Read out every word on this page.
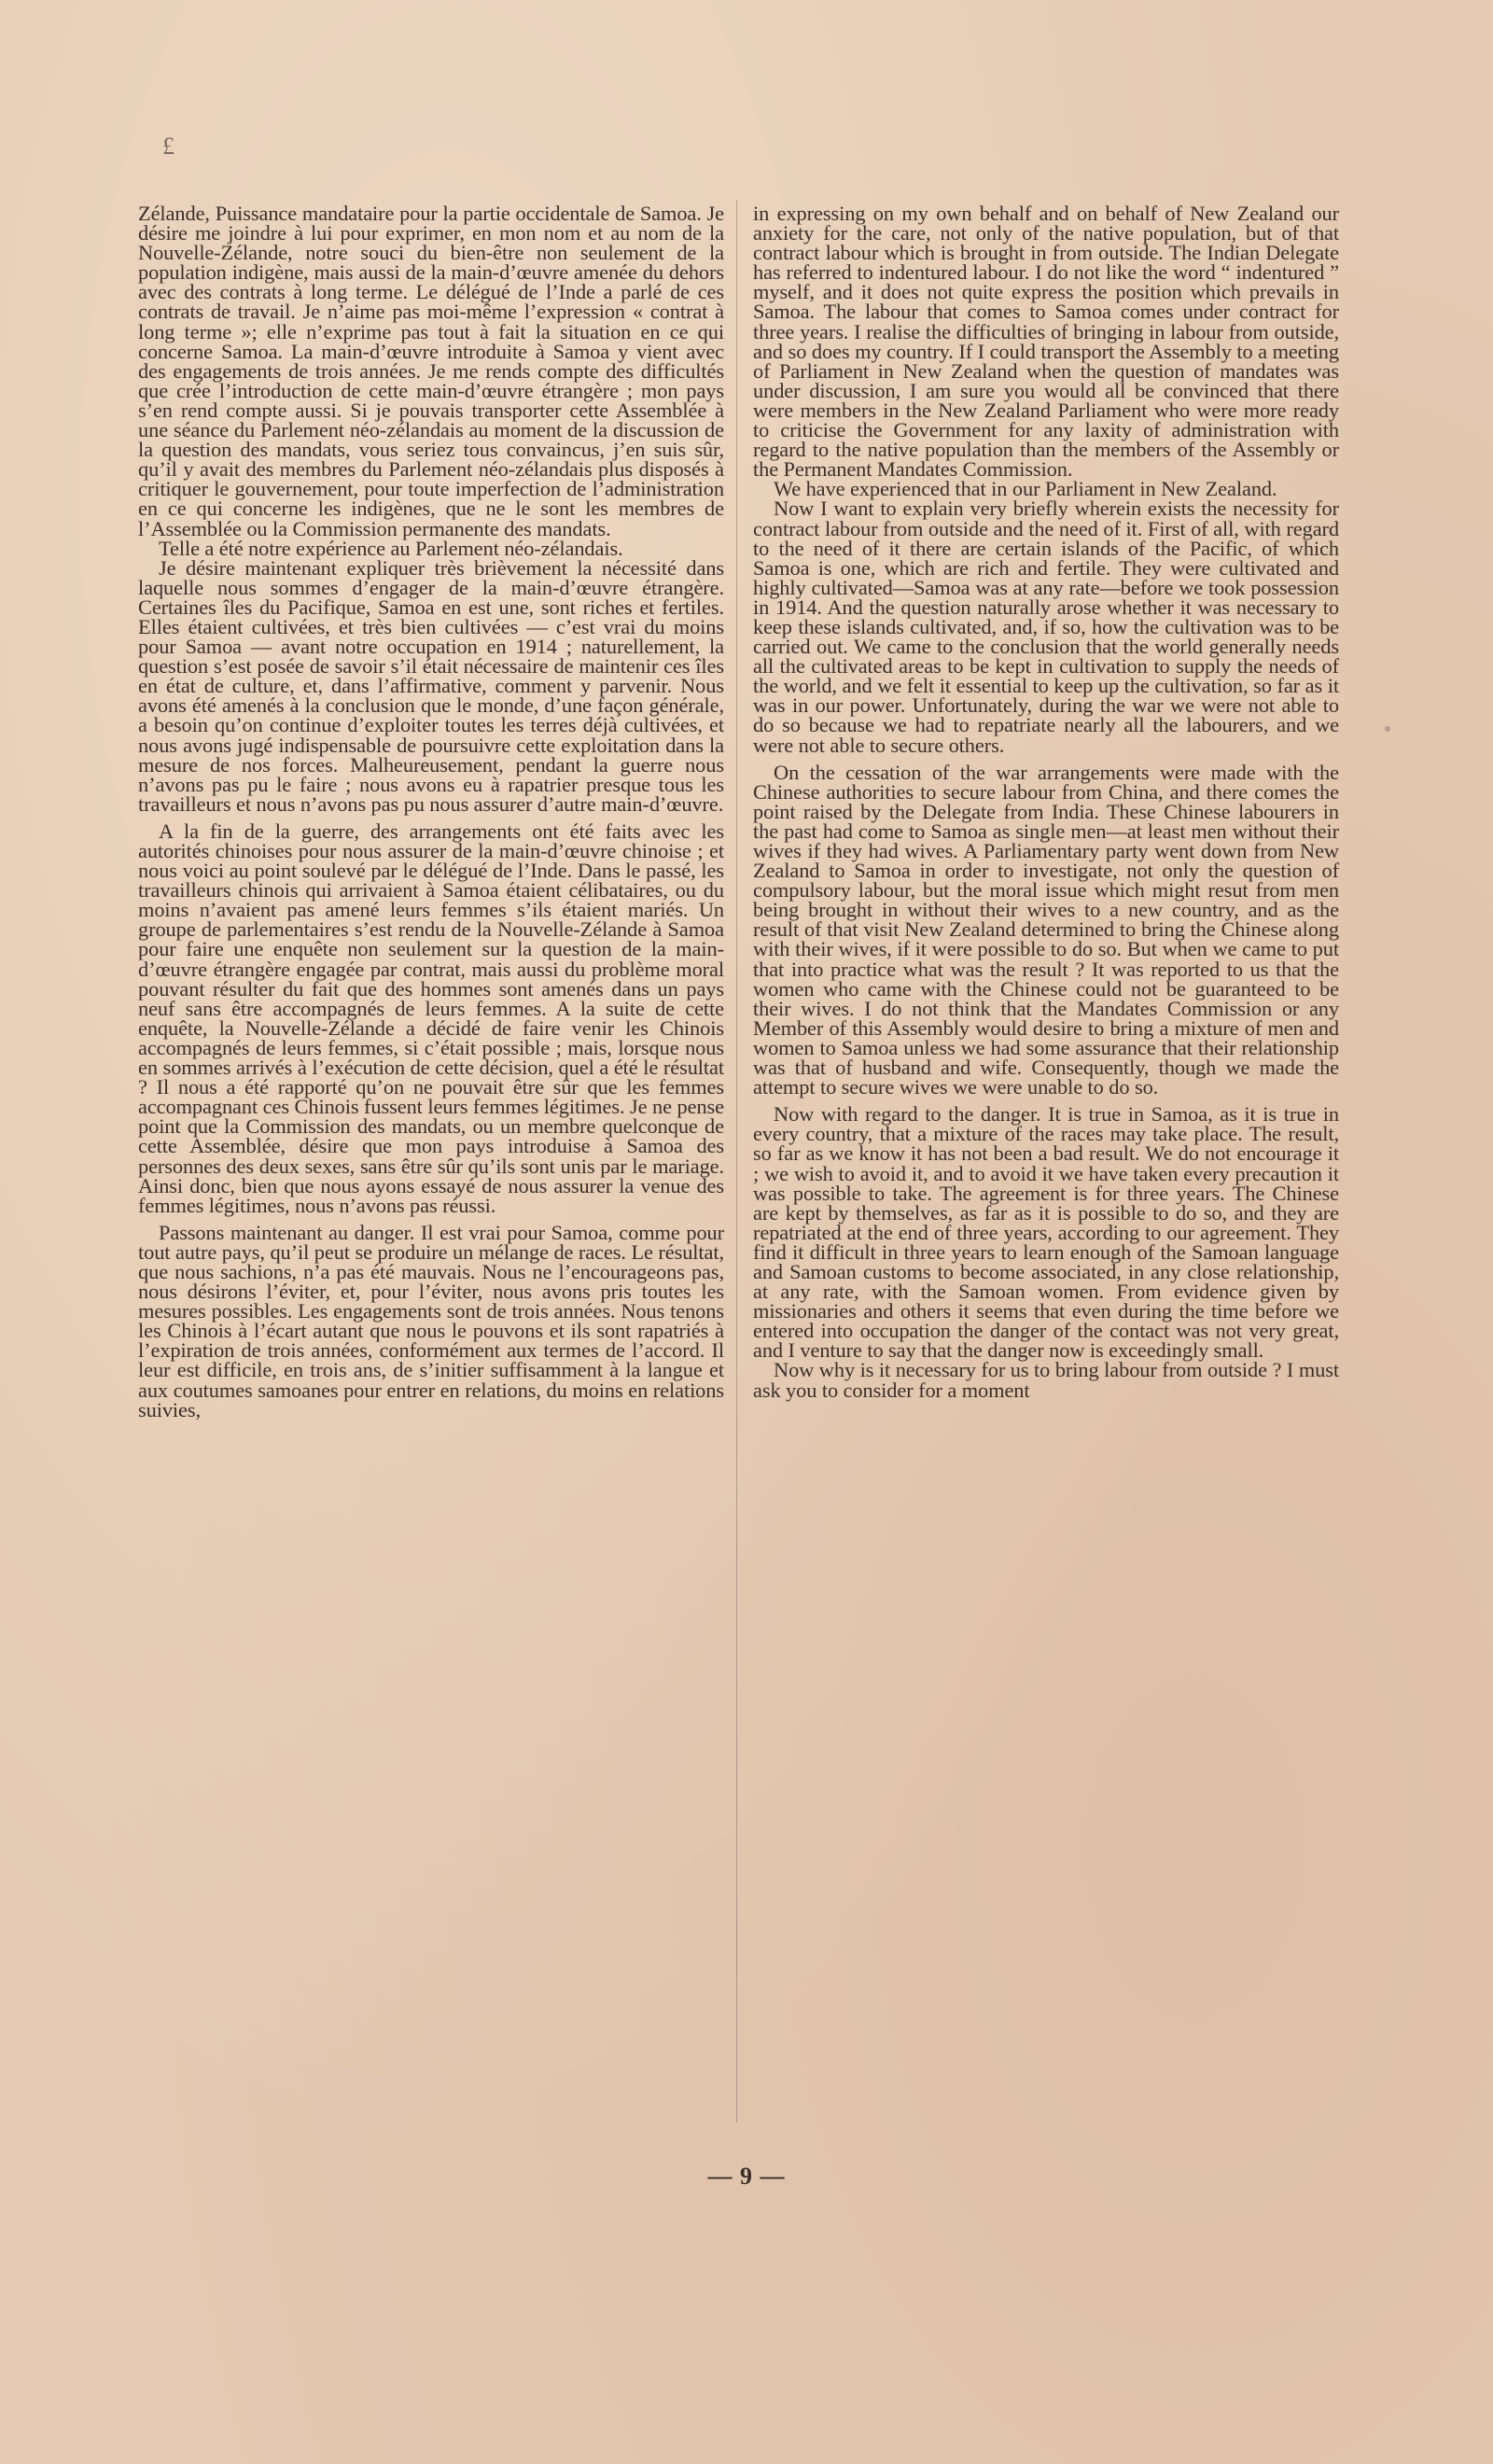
£

Zélande, Puissance mandataire pour la partie occidentale de Samoa. Je désire me joindre à lui pour exprimer, en mon nom et au nom de la Nouvelle-Zélande, notre souci du bien-être non seulement de la population indigène, mais aussi de la main-d’œuvre amenée du dehors avec des contrats à long terme. Le délégué de l’Inde a parlé de ces contrats de travail. Je n’aime pas moi-même l’expression « contrat à long terme »; elle n’exprime pas tout à fait la situation en ce qui concerne Samoa. La main-d’œuvre introduite à Samoa y vient avec des engagements de trois années. Je me rends compte des difficultés que crée l’introduction de cette main-d’œuvre étrangère ; mon pays s’en rend compte aussi. Si je pouvais transporter cette Assemblée à une séance du Parlement néo-zélandais au moment de la discussion de la question des mandats, vous seriez tous convaincus, j’en suis sûr, qu’il y avait des membres du Parlement néo-zélandais plus disposés à critiquer le gouvernement, pour toute imperfection de l’administration en ce qui concerne les indigènes, que ne le sont les membres de l’Assemblée ou la Commission permanente des mandats.

Telle a été notre expérience au Parlement néo-zélandais.

Je désire maintenant expliquer très brièvement la nécessité dans laquelle nous sommes d’engager de la main-d’œuvre étrangère. Certaines îles du Pacifique, Samoa en est une, sont riches et fertiles. Elles étaient cultivées, et très bien cultivées — c’est vrai du moins pour Samoa — avant notre occupation en 1914 ; naturellement, la question s’est posée de savoir s’il était nécessaire de maintenir ces îles en état de culture, et, dans l’affirmative, comment y parvenir. Nous avons été amenés à la conclusion que le monde, d’une façon générale, a besoin qu’on continue d’exploiter toutes les terres déjà cultivées, et nous avons jugé indispensable de poursuivre cette exploitation dans la mesure de nos forces. Malheureusement, pendant la guerre nous n’avons pas pu le faire ; nous avons eu à rapatrier presque tous les travailleurs et nous n’avons pas pu nous assurer d’autre main-d’œuvre.

A la fin de la guerre, des arrangements ont été faits avec les autorités chinoises pour nous assurer de la main-d’œuvre chinoise ; et nous voici au point soulevé par le délégué de l’Inde. Dans le passé, les travailleurs chinois qui arrivaient à Samoa étaient célibataires, ou du moins n’avaient pas amené leurs femmes s’ils étaient mariés. Un groupe de parlementaires s’est rendu de la Nouvelle-Zélande à Samoa pour faire une enquête non seulement sur la question de la main-d’œuvre étrangère engagée par contrat, mais aussi du problème moral pouvant résulter du fait que des hommes sont amenés dans un pays neuf sans être accompagnés de leurs femmes. A la suite de cette enquête, la Nouvelle-Zélande a décidé de faire venir les Chinois accompagnés de leurs femmes, si c’était possible ; mais, lorsque nous en sommes arrivés à l’exécution de cette décision, quel a été le résultat ? Il nous a été rapporté qu’on ne pouvait être sûr que les femmes accompagnant ces Chinois fussent leurs femmes légitimes. Je ne pense point que la Commission des mandats, ou un membre quelconque de cette Assemblée, désire que mon pays introduise à Samoa des personnes des deux sexes, sans être sûr qu’ils sont unis par le mariage. Ainsi donc, bien que nous ayons essayé de nous assurer la venue des femmes légitimes, nous n’avons pas réussi.

Passons maintenant au danger. Il est vrai pour Samoa, comme pour tout autre pays, qu’il peut se produire un mélange de races. Le résultat, que nous sachions, n’a pas été mauvais. Nous ne l’encourageons pas, nous désirons l’éviter, et, pour l’éviter, nous avons pris toutes les mesures possibles. Les engagements sont de trois années. Nous tenons les Chinois à l’écart autant que nous le pouvons et ils sont rapatriés à l’expiration de trois années, conformément aux termes de l’accord. Il leur est difficile, en trois ans, de s’initier suffisamment à la langue et aux coutumes samoanes pour entrer en relations, du moins en relations suivies,

in expressing on my own behalf and on behalf of New Zealand our anxiety for the care, not only of the native population, but of that contract labour which is brought in from outside. The Indian Delegate has referred to indentured labour. I do not like the word “ indentured ” myself, and it does not quite express the position which prevails in Samoa. The labour that comes to Samoa comes under contract for three years. I realise the difficulties of bringing in labour from outside, and so does my country. If I could transport the Assembly to a meeting of Parliament in New Zealand when the question of mandates was under discussion, I am sure you would all be convinced that there were members in the New Zealand Parliament who were more ready to criticise the Government for any laxity of administration with regard to the native population than the members of the Assembly or the Permanent Mandates Commission.

We have experienced that in our Parliament in New Zealand.

Now I want to explain very briefly wherein exists the necessity for contract labour from outside and the need of it. First of all, with regard to the need of it there are certain islands of the Pacific, of which Samoa is one, which are rich and fertile. They were cultivated and highly cultivated—Samoa was at any rate—before we took possession in 1914. And the question naturally arose whether it was necessary to keep these islands cultivated, and, if so, how the cultivation was to be carried out. We came to the conclusion that the world generally needs all the cultivated areas to be kept in cultivation to supply the needs of the world, and we felt it essential to keep up the cultivation, so far as it was in our power. Unfortunately, during the war we were not able to do so because we had to repatriate nearly all the labourers, and we were not able to secure others.

On the cessation of the war arrangements were made with the Chinese authorities to secure labour from China, and there comes the point raised by the Delegate from India. These Chinese labourers in the past had come to Samoa as single men—at least men without their wives if they had wives. A Parliamentary party went down from New Zealand to Samoa in order to investigate, not only the question of compulsory labour, but the moral issue which might resut from men being brought in without their wives to a new country, and as the result of that visit New Zealand determined to bring the Chinese along with their wives, if it were possible to do so. But when we came to put that into practice what was the result ? It was reported to us that the women who came with the Chinese could not be guaranteed to be their wives. I do not think that the Mandates Commission or any Member of this Assembly would desire to bring a mixture of men and women to Samoa unless we had some assurance that their relationship was that of husband and wife. Consequently, though we made the attempt to secure wives we were unable to do so.

Now with regard to the danger. It is true in Samoa, as it is true in every country, that a mixture of the races may take place. The result, so far as we know it has not been a bad result. We do not encourage it ; we wish to avoid it, and to avoid it we have taken every precaution it was possible to take. The agreement is for three years. The Chinese are kept by themselves, as far as it is possible to do so, and they are repatriated at the end of three years, according to our agreement. They find it difficult in three years to learn enough of the Samoan language and Samoan customs to become associated, in any close relationship, at any rate, with the Samoan women. From evidence given by missionaries and others it seems that even during the time before we entered into occupation the danger of the contact was not very great, and I venture to say that the danger now is exceedingly small.

Now why is it necessary for us to bring labour from outside ? I must ask you to consider for a moment

— 9 —
